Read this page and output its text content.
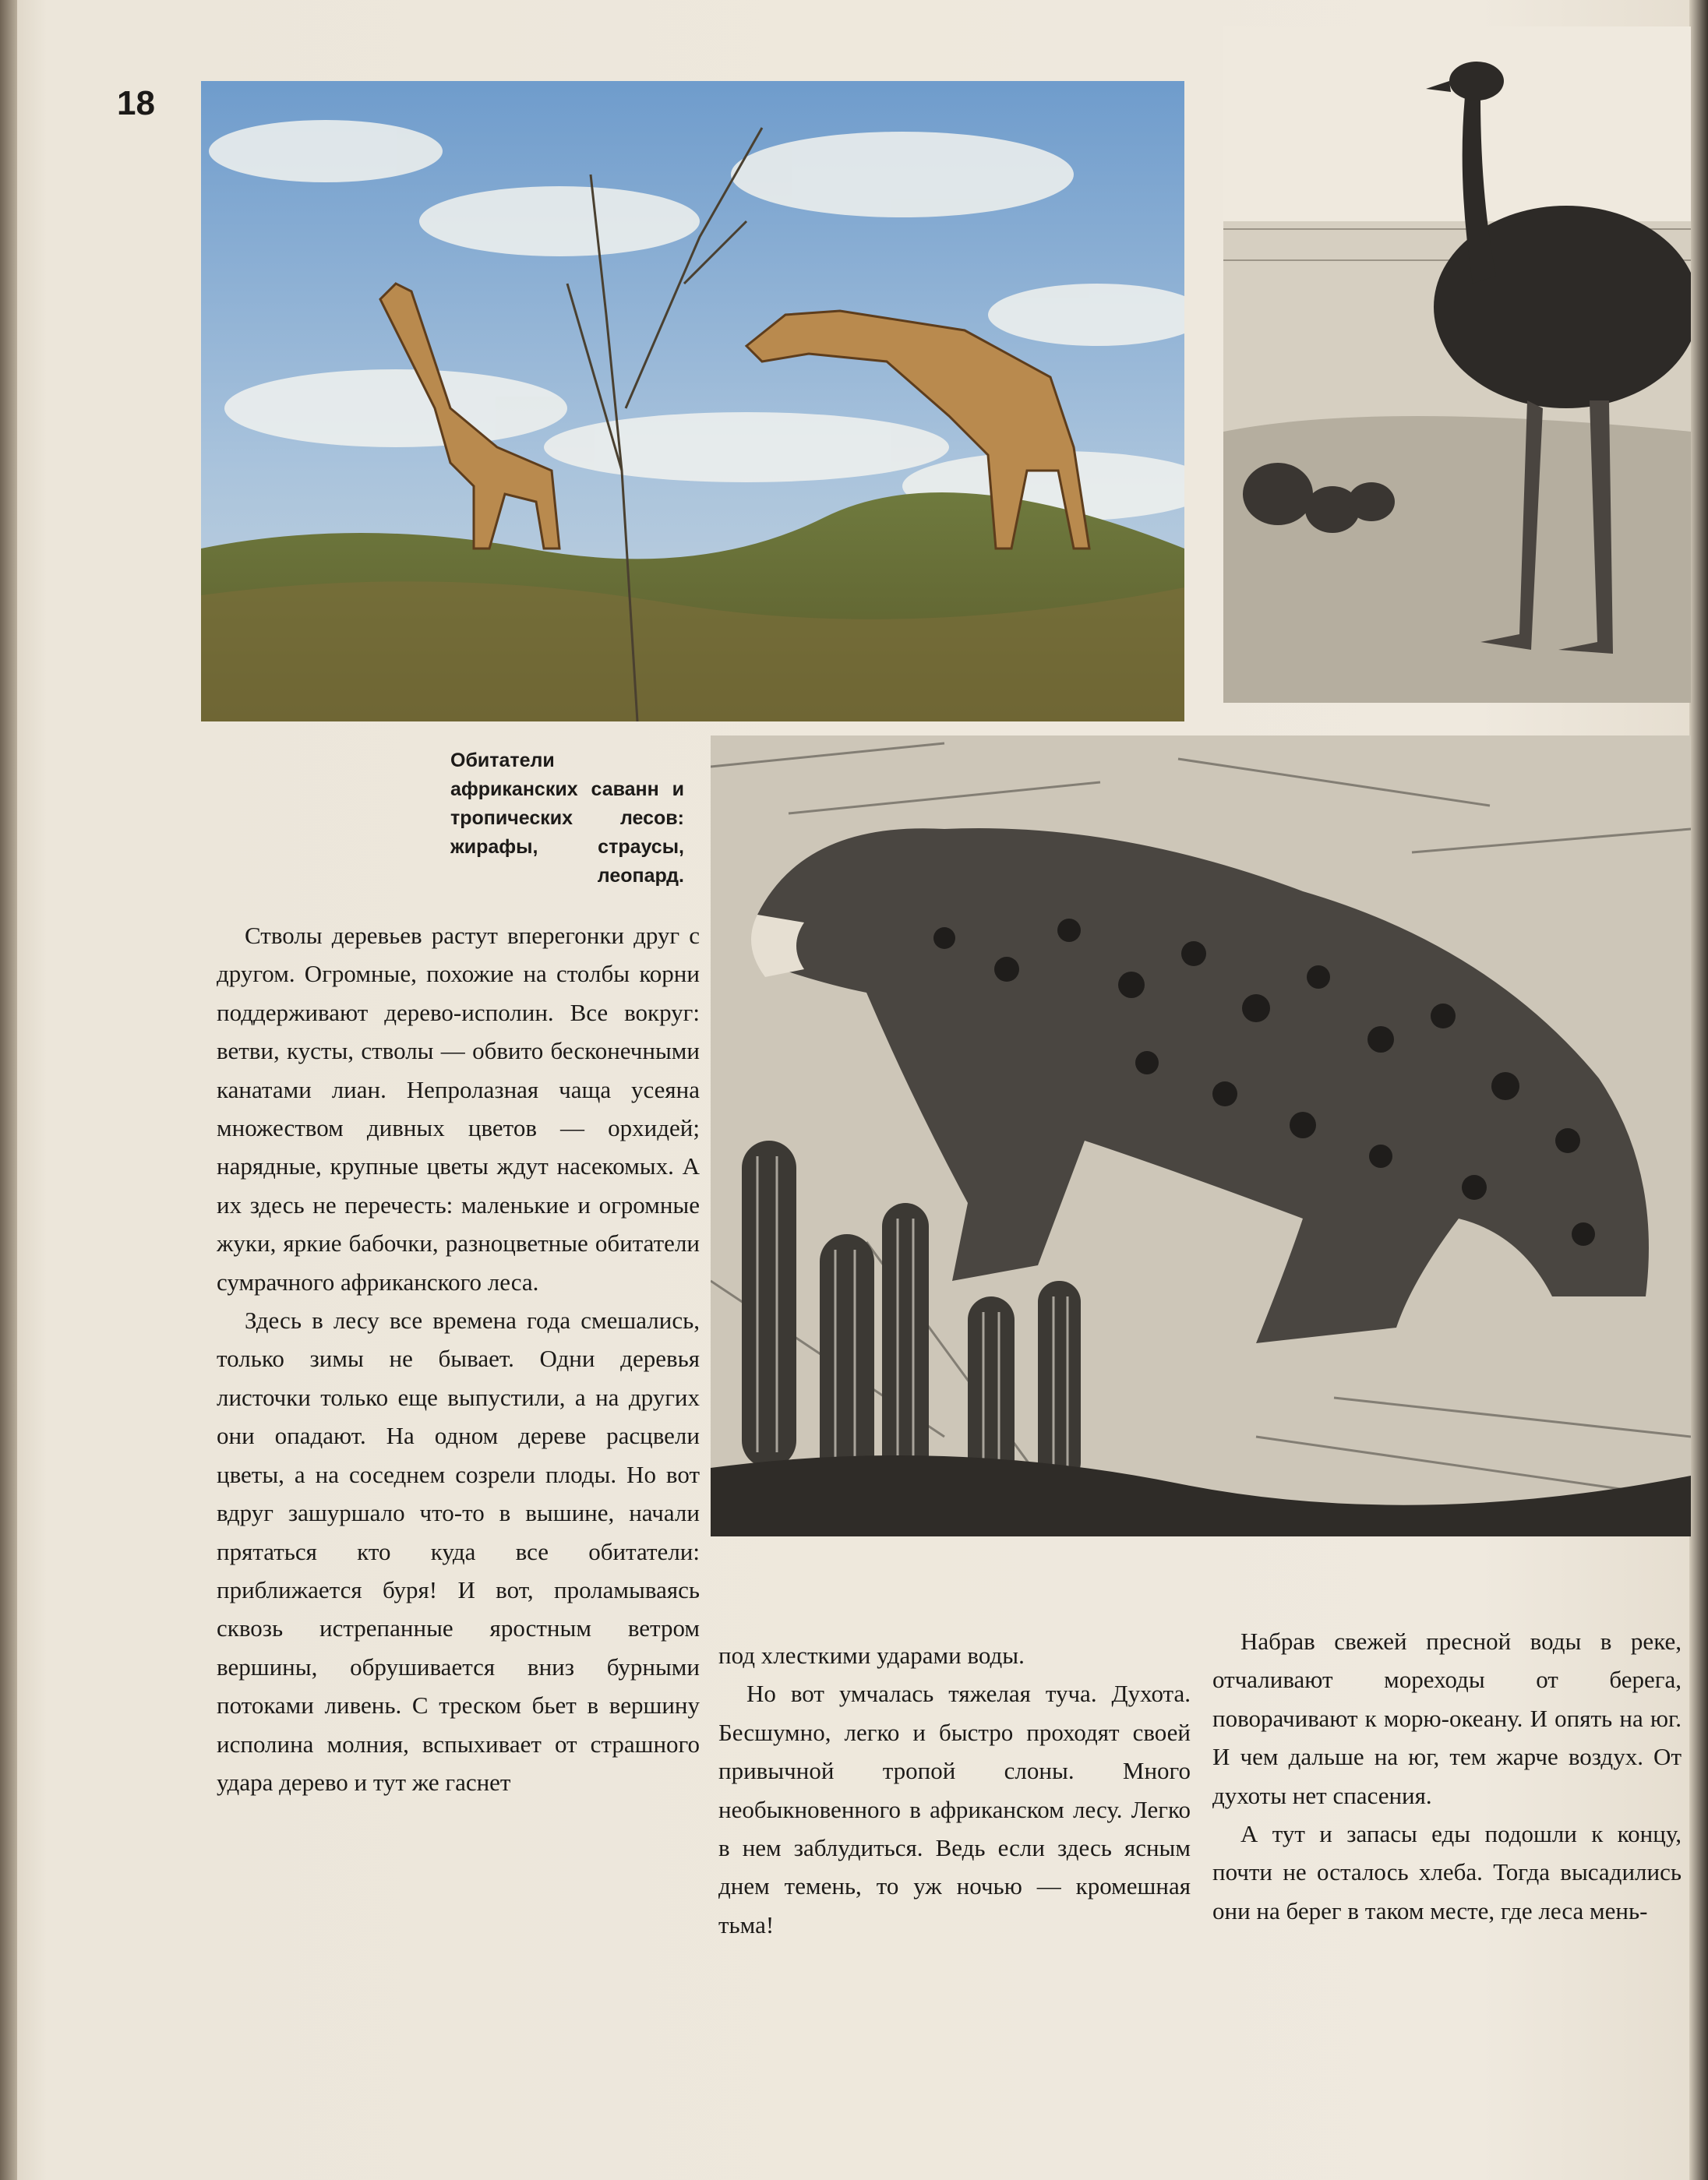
18
Обитатели африканских саванн и тропических лесов: жирафы, страусы, леопард.

Стволы деревьев растут вперегонки друг с другом. Огромные, похожие на столбы корни поддерживают дерево-исполин. Все вокруг: ветви, кусты, стволы — обвито бесконечными канатами лиан. Непролазная чаща усеяна множеством дивных цветов — орхидей; нарядные, крупные цветы ждут насекомых. А их здесь не перечесть: маленькие и огромные жуки, яркие бабочки, разноцветные обитатели сумрачного африканского леса.

Здесь в лесу все времена года смешались, только зимы не бывает. Одни деревья листочки только еще выпустили, а на других они опадают. На одном дереве расцвели цветы, а на соседнем созрели плоды. Но вот вдруг зашуршало что-то в вышине, начали прятаться кто куда все обитатели: приближается буря! И вот, проламываясь сквозь истрепанные яростным ветром вершины, обрушивается вниз бурными потоками ливень. С треском бьет в вершину исполина молния, вспыхивает от страшного удара дерево и тут же гаснет

под хлесткими ударами воды.

Но вот умчалась тяжелая туча. Духота. Бесшумно, легко и быстро проходят своей привычной тропой слоны. Много необыкновенного в африканском лесу. Легко в нем заблудиться. Ведь если здесь ясным днем темень, то уж ночью — кромешная тьма!

Набрав свежей пресной воды в реке, отчаливают мореходы от берега, поворачивают к морю-океану. И опять на юг. И чем дальше на юг, тем жарче воздух. От духоты нет спасения.

А тут и запасы еды подошли к концу, почти не осталось хлеба. Тогда высадились они на берег в таком месте, где леса мень-
